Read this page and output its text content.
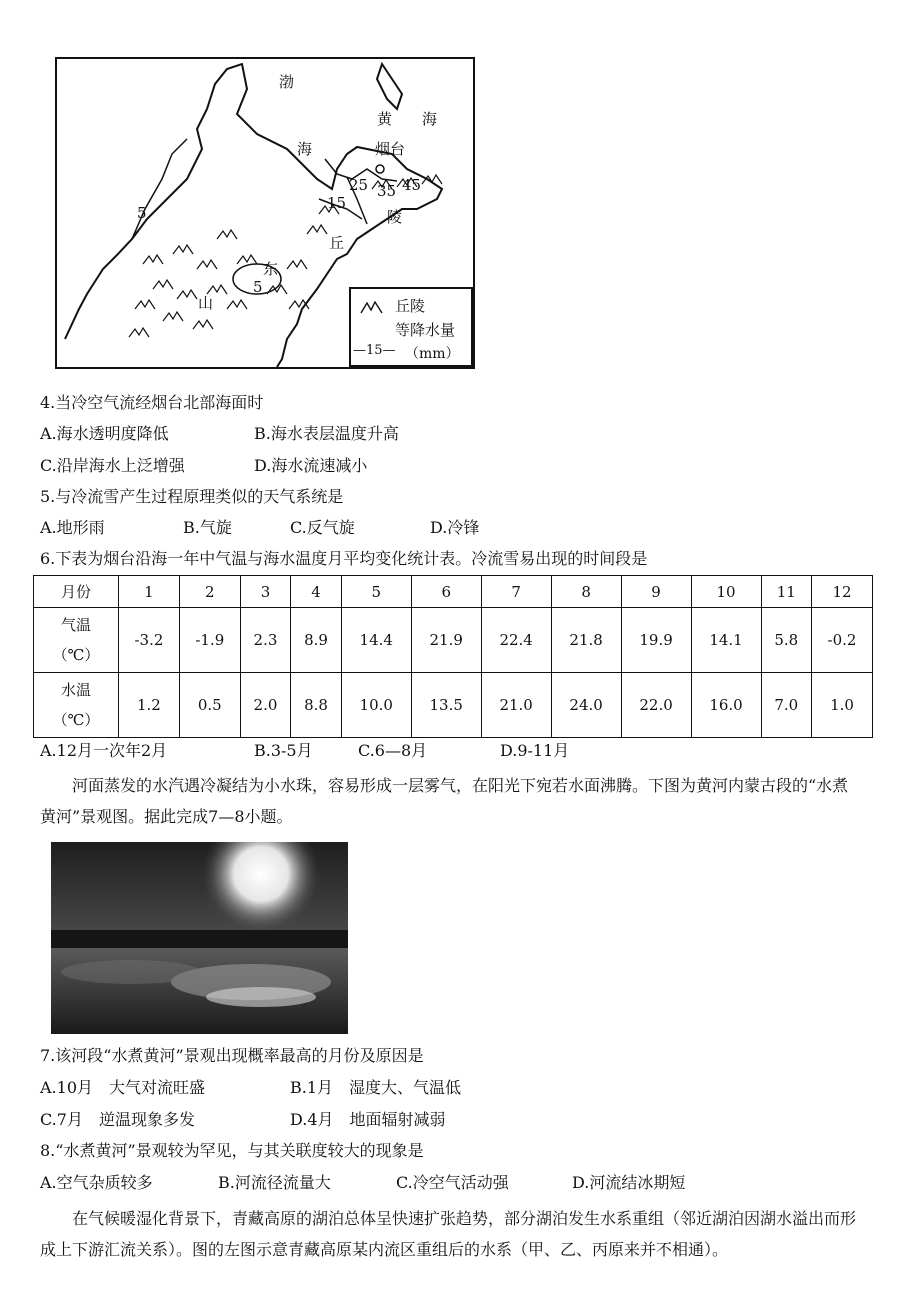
渤
海
黄 海
烟台
25 35 45
15
5
5
陵
丘
东
山	丘陵
等降水量
—15— （mm）
4.当冷空气流经烟台北部海面时
A.海水透明度降低	B.海水表层温度升高
C.沿岸海水上泛增强	D.海水流速减小
5.与冷流雪产生过程原理类似的天气系统是
A.地形雨	B.气旋	C.反气旋	D.冷锋
6.下表为烟台沿海一年中气温与海水温度月平均变化统计表。冷流雪易出现的时间段是
月份	1	2	3	4	5	6	7	8	9	10	11	12

气温
（℃）	-3.2	-1.9	2.3	8.9	14.4	21.9	22.4	21.8	19.9	14.1	5.8	-0.2

水温
（℃）	1.2	0.5	2.0	8.8	10.0	13.5	21.0	24.0	22.0	16.0	7.0	1.0
A.12月一次年2月	B.3-5月	C.6—8月	D.9-11月
河面蒸发的水汽遇冷凝结为小水珠，容易形成一层雾气，在阳光下宛若水面沸腾。下图为黄河内蒙古段的“水煮黄河”景观图。据此完成7—8小题。
7.该河段“水煮黄河”景观出现概率最高的月份及原因是
A.10月　大气对流旺盛	B.1月　湿度大、气温低
C.7月　逆温现象多发	D.4月　地面辐射减弱
8.“水煮黄河”景观较为罕见，与其关联度较大的现象是
A.空气杂质较多	B.河流径流量大	C.冷空气活动强	D.河流结冰期短
在气候暖湿化背景下，青藏高原的湖泊总体呈快速扩张趋势，部分湖泊发生水系重组（邻近湖泊因湖水溢出而形成上下游汇流关系）。图的左图示意青藏高原某内流区重组后的水系（甲、乙、丙原来并不相通）。
